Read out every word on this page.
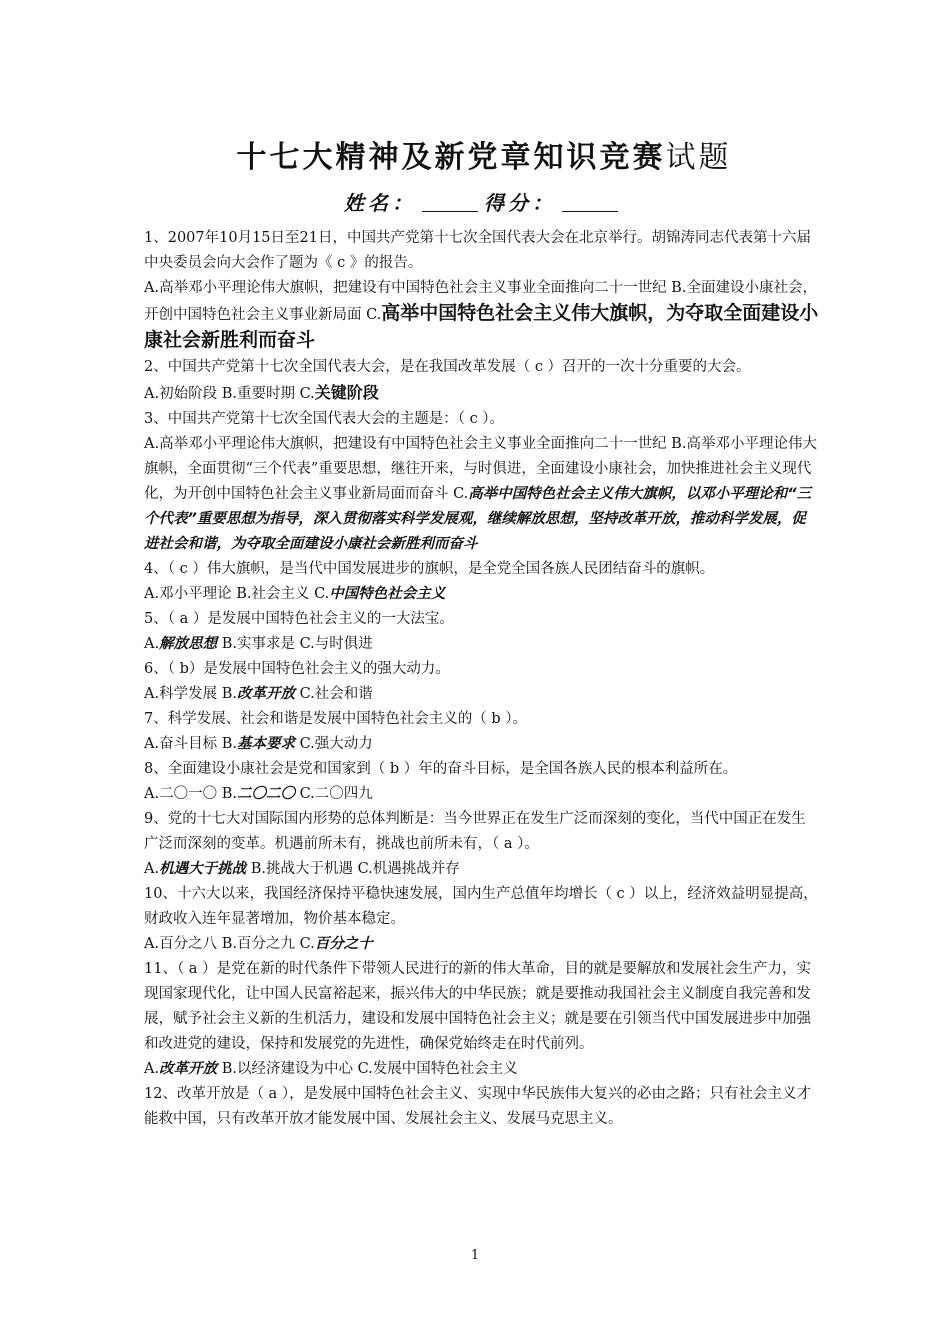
十七大精神及新党章知识竞赛试题
姓名：	得分：

1、2007年10月15日至21日，中国共产党第十七次全国代表大会在北京举行。胡锦涛同志代表第十六届中央委员会向大会作了题为《 c 》的报告。

A.高举邓小平理论伟大旗帜，把建设有中国特色社会主义事业全面推向二十一世纪 B.全面建设小康社会，开创中国特色社会主义事业新局面 C.高举中国特色社会主义伟大旗帜，为夺取全面建设小康社会新胜利而奋斗

2、中国共产党第十七次全国代表大会，是在我国改革发展（ c ）召开的一次十分重要的大会。

A.初始阶段 B.重要时期 C.关键阶段

3、中国共产党第十七次全国代表大会的主题是：（ c ）。

A.高举邓小平理论伟大旗帜，把建设有中国特色社会主义事业全面推向二十一世纪 B.高举邓小平理论伟大旗帜，全面贯彻“三个代表”重要思想，继往开来，与时俱进，全面建设小康社会，加快推进社会主义现代化，为开创中国特色社会主义事业新局面而奋斗 C.高举中国特色社会主义伟大旗帜，以邓小平理论和“三个代表”重要思想为指导，深入贯彻落实科学发展观，继续解放思想，坚持改革开放，推动科学发展，促进社会和谐，为夺取全面建设小康社会新胜利而奋斗

4、（ c ）伟大旗帜，是当代中国发展进步的旗帜，是全党全国各族人民团结奋斗的旗帜。

A.邓小平理论 B.社会主义 C.中国特色社会主义

5、（ a ）是发展中国特色社会主义的一大法宝。

A.解放思想 B.实事求是 C.与时俱进

6、（ b）是发展中国特色社会主义的强大动力。

A.科学发展 B.改革开放 C.社会和谐

7、科学发展、社会和谐是发展中国特色社会主义的（ b ）。

A.奋斗目标 B.基本要求 C.强大动力

8、全面建设小康社会是党和国家到（ b ）年的奋斗目标，是全国各族人民的根本利益所在。

A.二〇一〇 B.二〇二〇 C.二〇四九

9、党的十七大对国际国内形势的总体判断是：当今世界正在发生广泛而深刻的变化，当代中国正在发生广泛而深刻的变革。机遇前所未有，挑战也前所未有，（ a ）。

A.机遇大于挑战 B.挑战大于机遇 C.机遇挑战并存

10、十六大以来，我国经济保持平稳快速发展，国内生产总值年均增长（ c ）以上，经济效益明显提高，财政收入连年显著增加，物价基本稳定。

A.百分之八 B.百分之九 C.百分之十

11、（ a ）是党在新的时代条件下带领人民进行的新的伟大革命，目的就是要解放和发展社会生产力，实现国家现代化，让中国人民富裕起来，振兴伟大的中华民族；就是要推动我国社会主义制度自我完善和发展，赋予社会主义新的生机活力，建设和发展中国特色社会主义；就是要在引领当代中国发展进步中加强和改进党的建设，保持和发展党的先进性，确保党始终走在时代前列。

A.改革开放 B.以经济建设为中心 C.发展中国特色社会主义

12、改革开放是（ a ），是发展中国特色社会主义、实现中华民族伟大复兴的必由之路；只有社会主义才能救中国，只有改革开放才能发展中国、发展社会主义、发展马克思主义。

1
